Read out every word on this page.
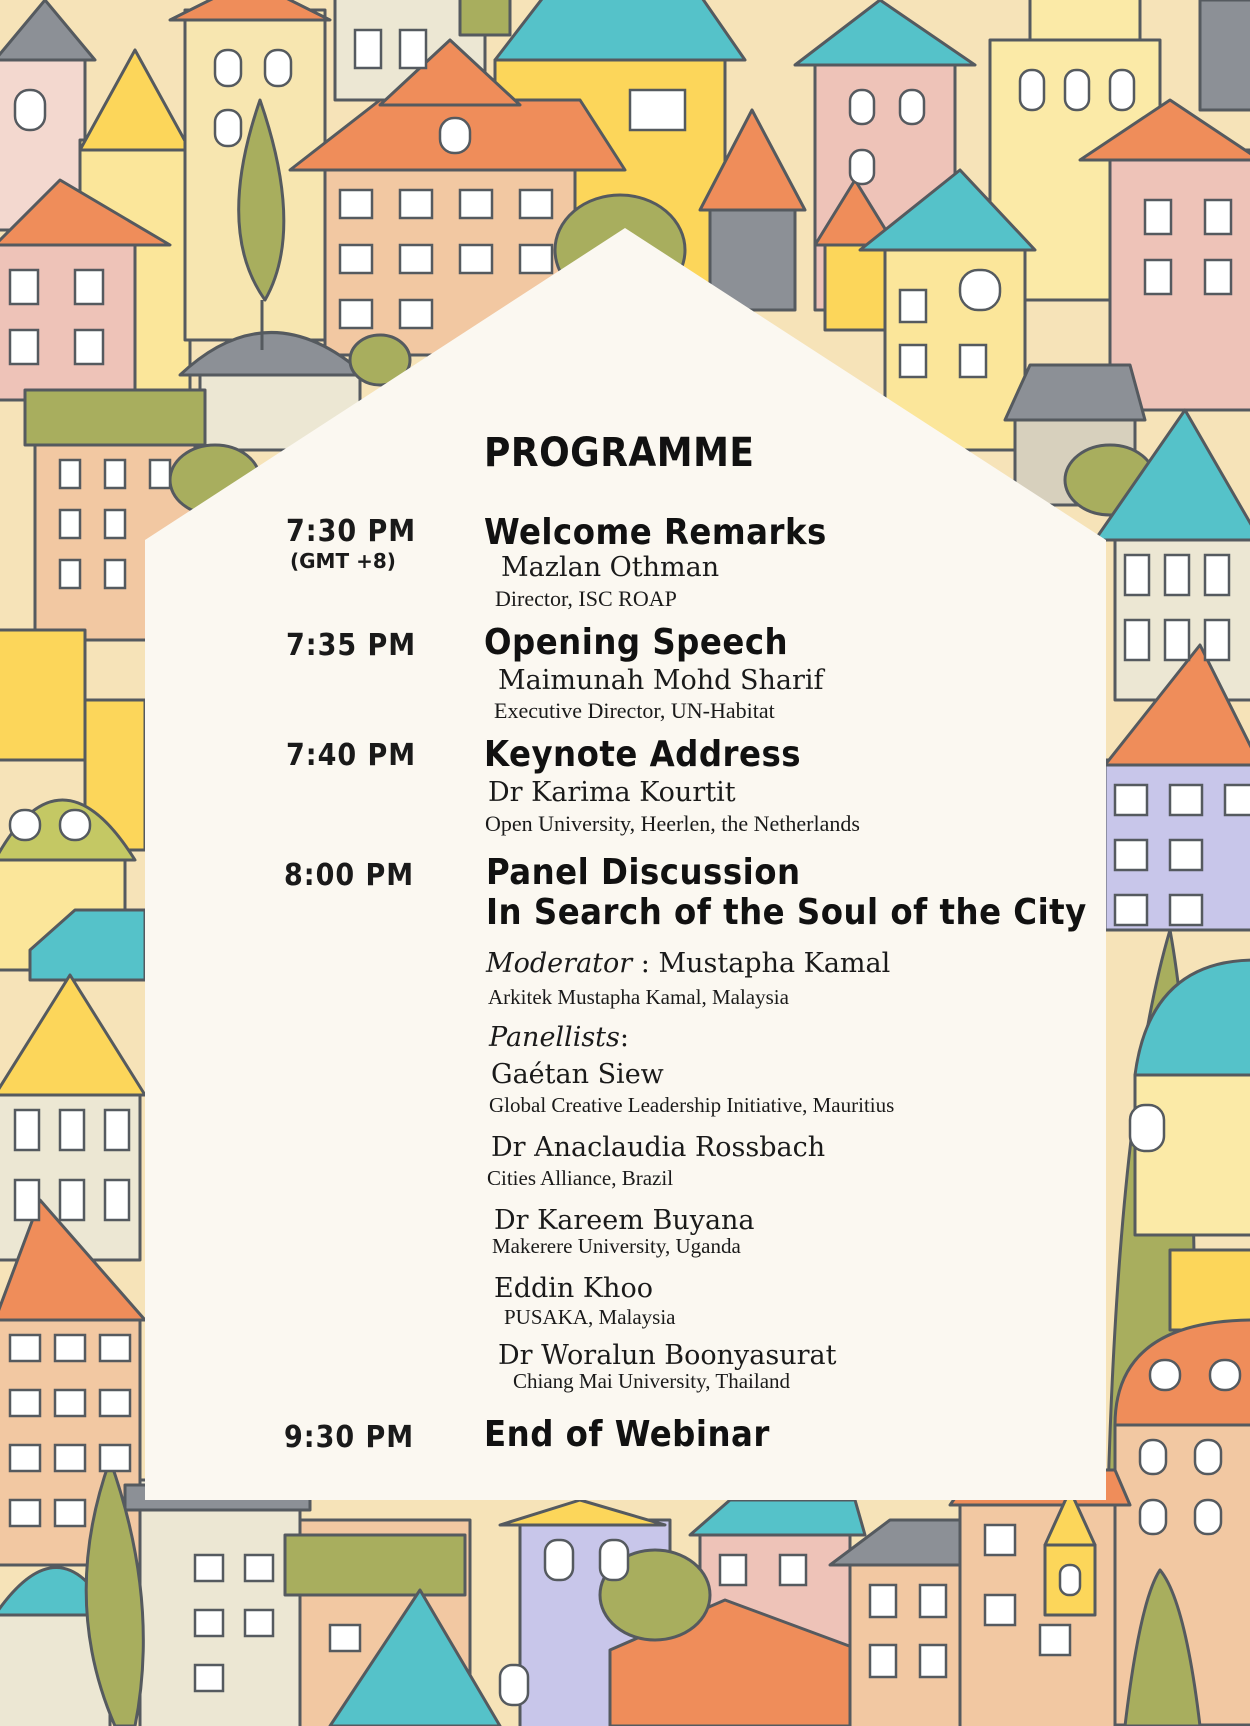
PROGRAMME
7:30 PM
(GMT +8)
Welcome Remarks
Mazlan Othman
Director, ISC ROAP
7:35 PM Opening Speech
Maimunah Mohd Sharif
Executive Director, UN-Habitat
7:40 PM Keynote Address
Dr Karima Kourtit
Open University, Heerlen, the Netherlands
8:00 PM Panel Discussion
In Search of the Soul of the City
Moderator : Mustapha Kamal
Arkitek Mustapha Kamal, Malaysia
Panellists:
Gaétan Siew
Global Creative Leadership Initiative, Mauritius
Dr Anaclaudia Rossbach
Cities Alliance, Brazil
Dr Kareem Buyana
Makerere University, Uganda
Eddin Khoo
PUSAKA, Malaysia
Dr Woralun Boonyasurat
Chiang Mai University, Thailand
9:30 PM End of Webinar
